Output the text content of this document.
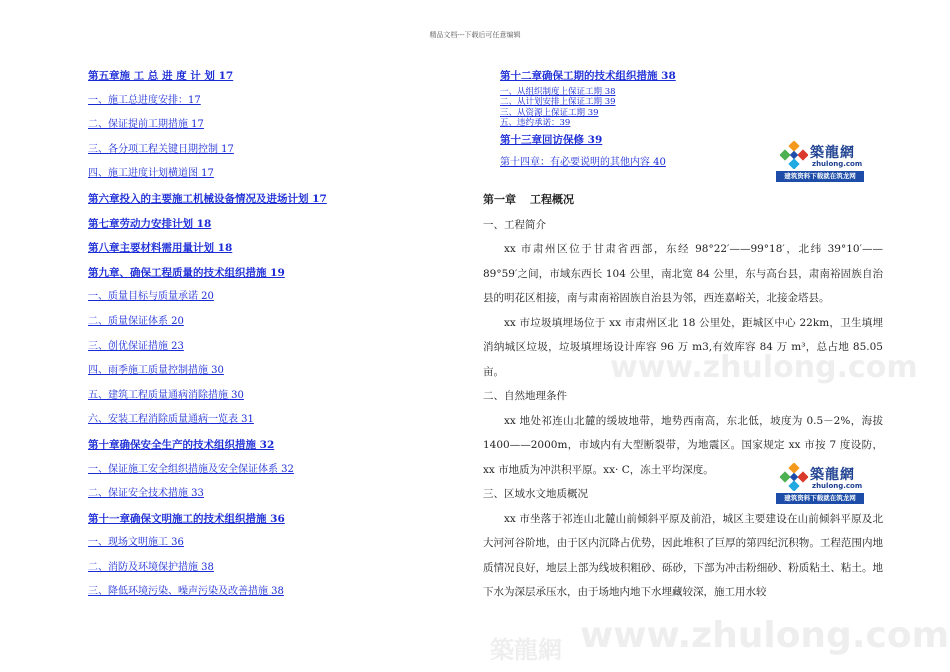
精品文档---下载后可任意编辑
第五章施 工 总 进 度 计 划 17
一、施工总进度安排：17
二、保证提前工期措施 17
三、各分项工程关键日期控制 17
四、施工进度计划横道图 17
第六章投入的主要施工机械设备情况及进场计划 17
第七章劳动力安排计划 18
第八章主要材料需用量计划 18
第九章、确保工程质量的技术组织措施 19
一、质量目标与质量承诺 20
二、质量保证体系 20
三、创优保证措施 23
四、雨季施工质量控制措施 30
五、建筑工程质量通病消除措施 30
六、安装工程消除质量通病一览表 31
第十章确保安全生产的技术组织措施 32
一、保证施工安全组织措施及安全保证体系 32
二、保证安全技术措施 33
第十一章确保文明施工的技术组织措施 36
一、现场文明施工 36
二、消防及环境保护措施 38
三、降低环境污染、噪声污染及改善措施 38
第十二章确保工期的技术组织措施 38
一、从组织制度上保证工期 38
二、从计划安排上保证工期 39
三、从资源上保证工期 39
五、违约承诺：39
第十三章回访保修 39
第十四章：有必要说明的其他内容 40
築龍網
zhulong.com
建筑资料下载就在筑龙网
築龍網
zhulong.com
建筑资料下载就在筑龙网
第一章 工程概况
一、工程简介

xx 市肃州区位于甘肃省西部，东经 98°22′——99°18′，北纬 39°10′——89°59′之间，市域东西长 104 公里，南北宽 84 公里，东与高台县，肃南裕固族自治县的明花区相接，南与肃南裕固族自治县为邻，西连嘉峪关，北接金塔县。

xx 市垃圾填埋场位于 xx 市肃州区北 18 公里处，距城区中心 22km，卫生填埋消纳城区垃圾，垃圾填埋场设计库容 96 万 m3,有效库容 84 万 m³，总占地 85.05 亩。

二、自然地理条件

xx 地处祁连山北麓的缓坡地带，地势西南高，东北低，坡度为 0.5－2%，海拔1400——2000m，市域内有大型断裂带，为地震区。国家规定 xx 市按 7 度设防，xx 市地质为冲洪积平原。xx· C，冻土平均深度。

三、区域水文地质概况

xx 市坐落于祁连山北麓山前倾斜平原及前沿，城区主要建设在山前倾斜平原及北大河河谷阶地，由于区内沉降占优势，因此堆积了巨厚的第四纪沉积物。工程范围内地质情况良好，地层上部为线坡积粗砂、砾砂，下部为冲击粉细砂、粉质粘土、粘土。地下水为深层承压水，由于场地内地下水埋藏较深，施工用水较

www.zhulong.com
www.zhulong.com
築龍網
